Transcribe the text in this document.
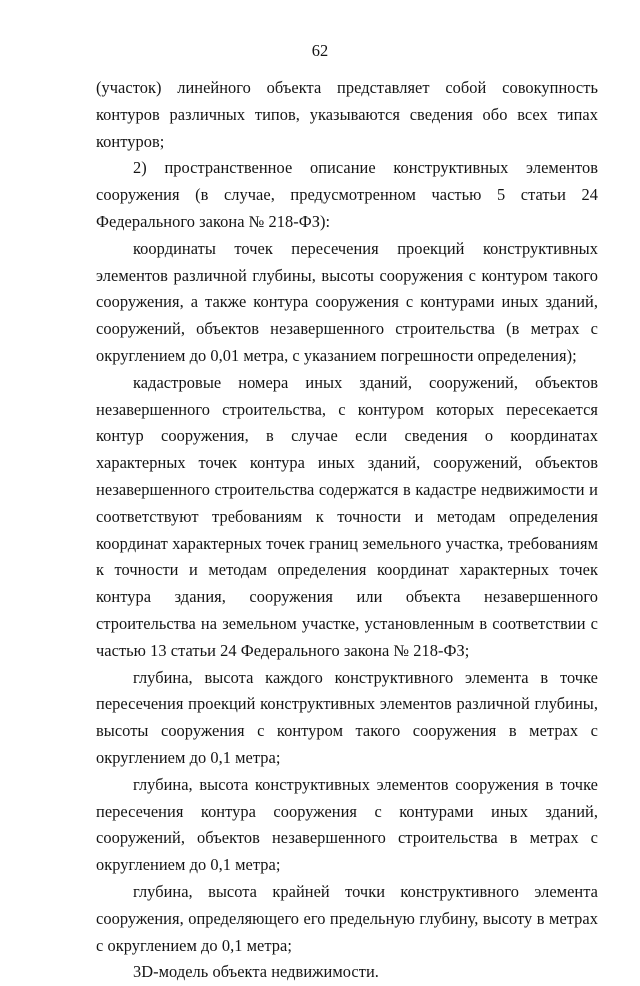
62

(участок) линейного объекта представляет собой совокупность контуров различных типов, указываются сведения обо всех типах контуров;

2) пространственное описание конструктивных элементов сооружения (в случае, предусмотренном частью 5 статьи 24 Федерального закона № 218-ФЗ):

координаты точек пересечения проекций конструктивных элементов различной глубины, высоты сооружения с контуром такого сооружения, а также контура сооружения с контурами иных зданий, сооружений, объектов незавершенного строительства (в метрах с округлением до 0,01 метра, с указанием погрешности определения);

кадастровые номера иных зданий, сооружений, объектов незавершенного строительства, с контуром которых пересекается контур сооружения, в случае если сведения о координатах характерных точек контура иных зданий, сооружений, объектов незавершенного строительства содержатся в кадастре недвижимости и соответствуют требованиям к точности и методам определения координат характерных точек границ земельного участка, требованиям к точности и методам определения координат характерных точек контура здания, сооружения или объекта незавершенного строительства на земельном участке, установленным в соответствии с частью 13 статьи 24 Федерального закона № 218-ФЗ;

глубина, высота каждого конструктивного элемента в точке пересечения проекций конструктивных элементов различной глубины, высоты сооружения с контуром такого сооружения в метрах с округлением до 0,1 метра;

глубина, высота конструктивных элементов сооружения в точке пересечения контура сооружения с контурами иных зданий, сооружений, объектов незавершенного строительства в метрах с округлением до 0,1 метра;

глубина, высота крайней точки конструктивного элемента сооружения, определяющего его предельную глубину, высоту в метрах с округлением до 0,1 метра;

3D-модель объекта недвижимости.
